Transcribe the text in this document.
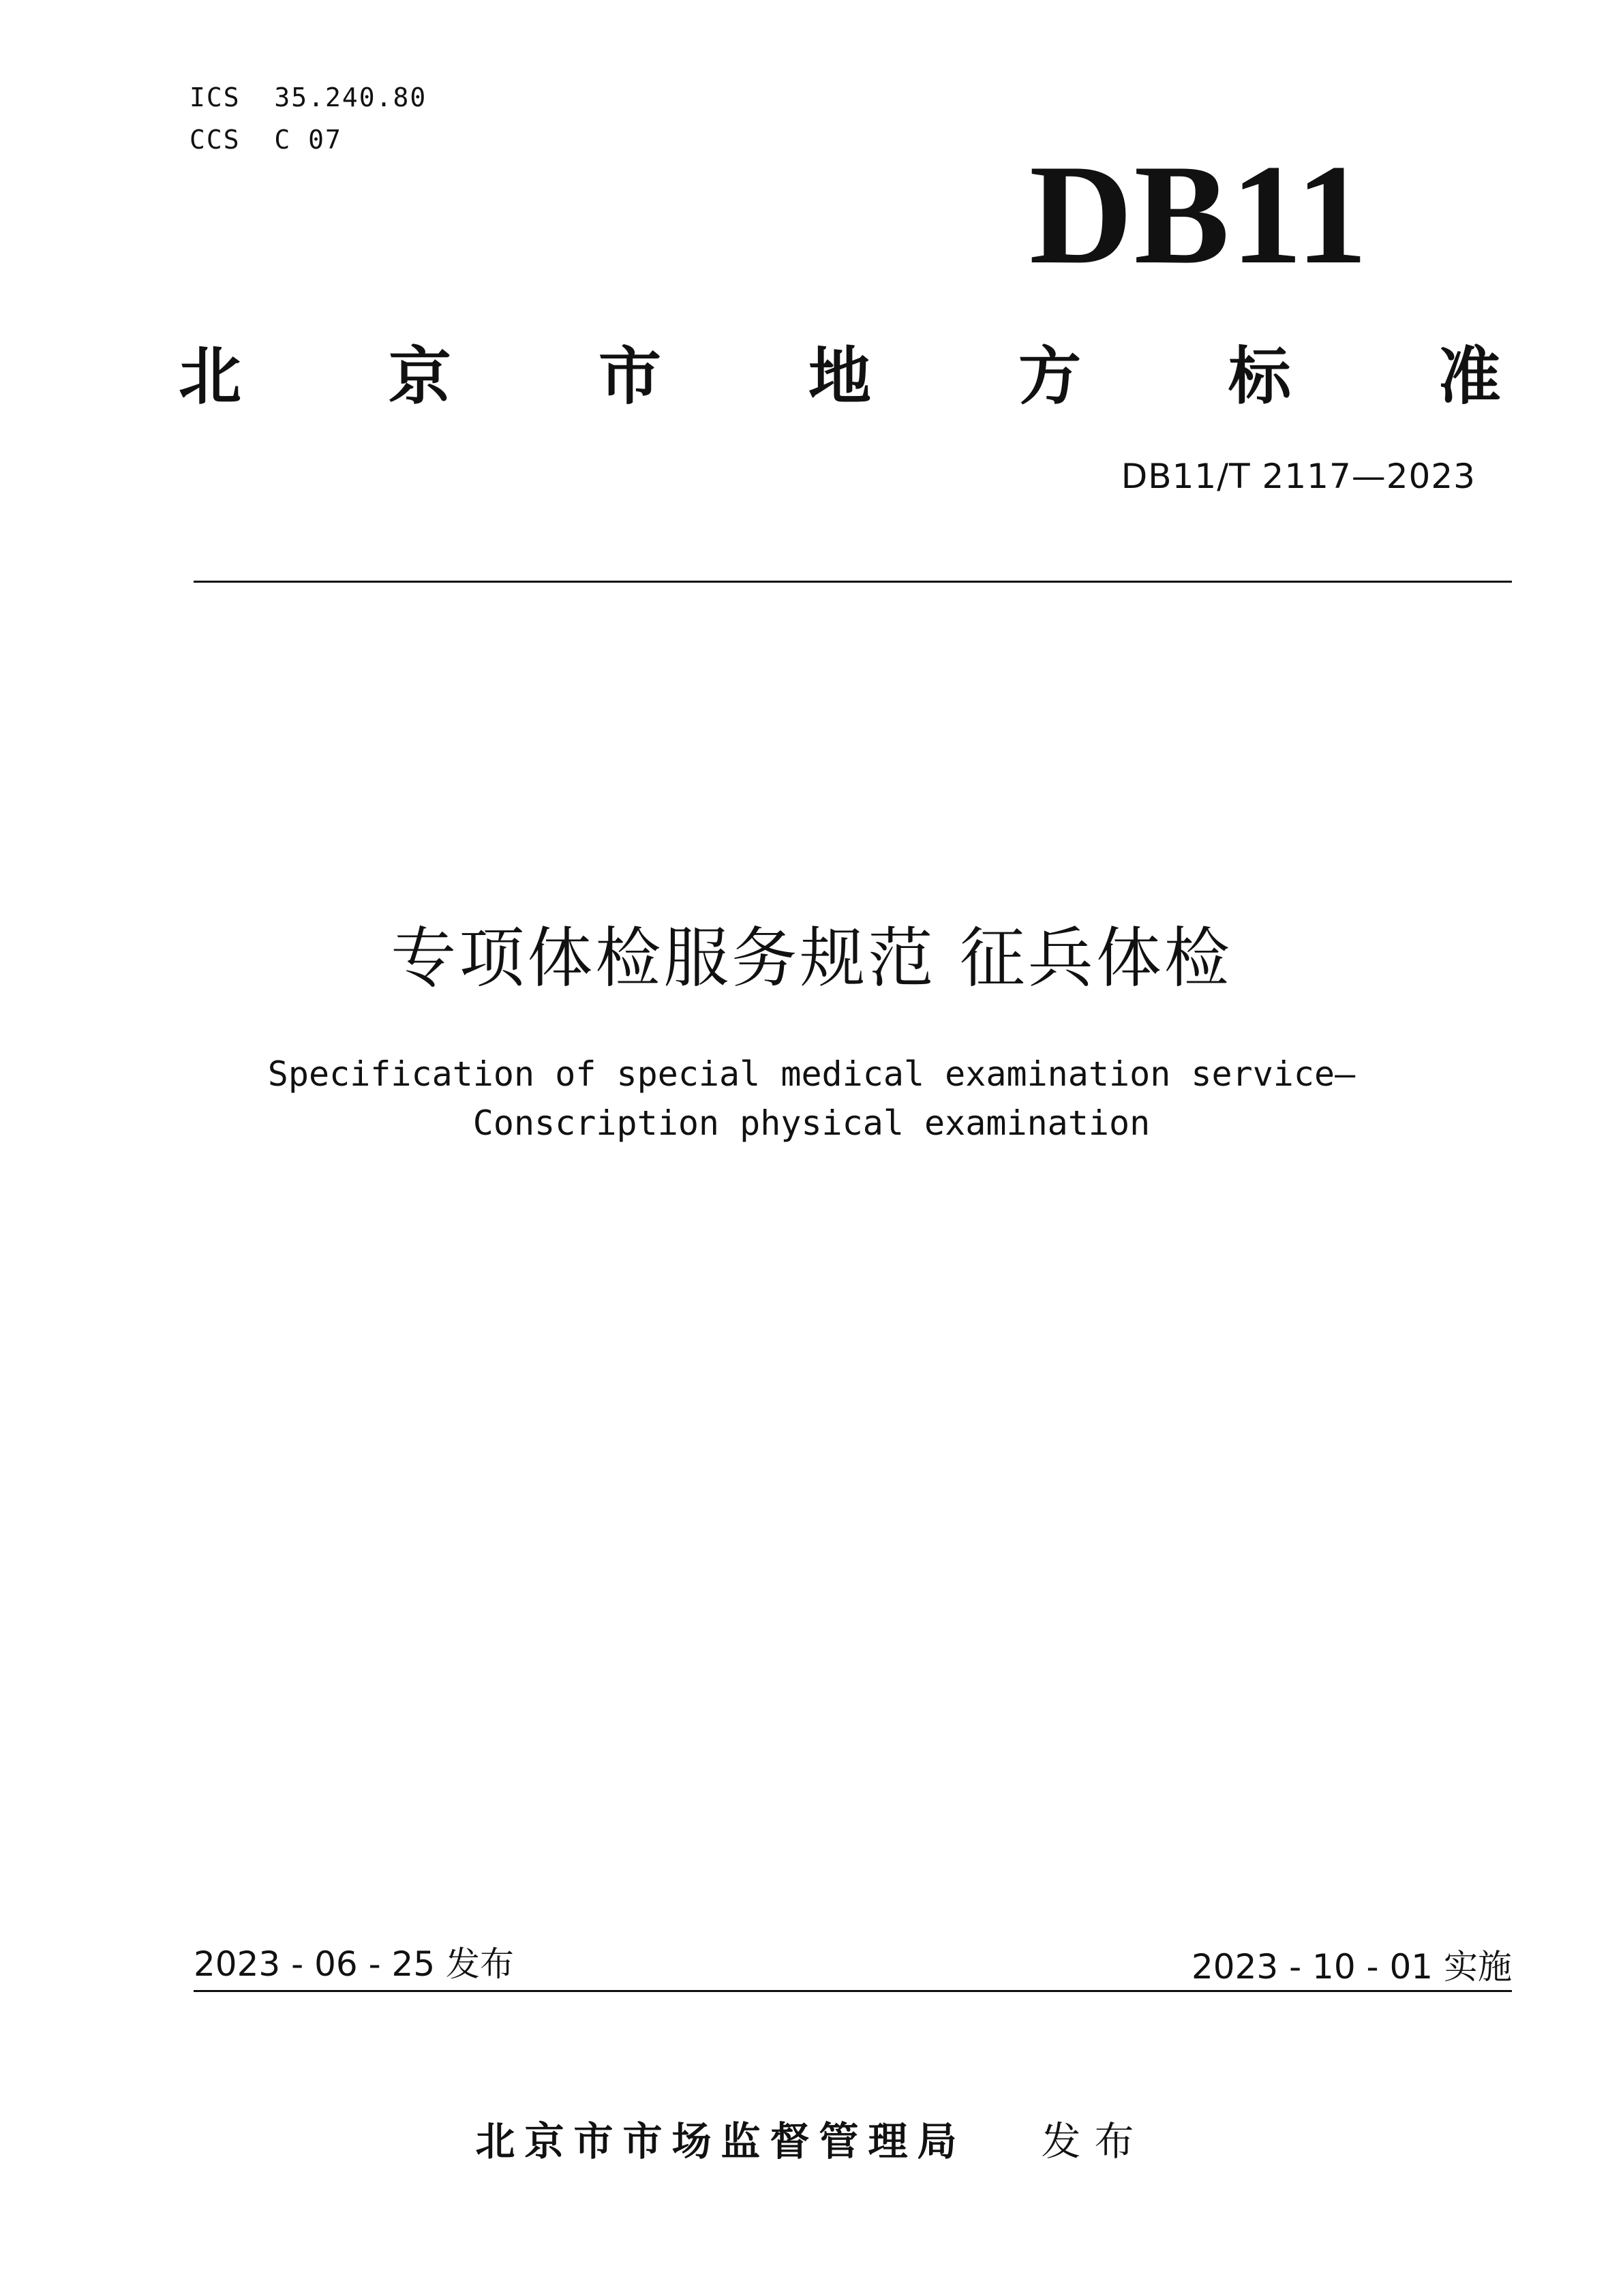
ICS  35.240.80
CCS  C 07	DB11
北 京 市 地 方 标 准
DB11/T 2117—2023
专项体检服务规范 征兵体检
Specification of special medical examination service—
Conscription physical examination
2023 - 06 - 25 发布	2023 - 10 - 01 实施
北京市市场监督管理局 发布
